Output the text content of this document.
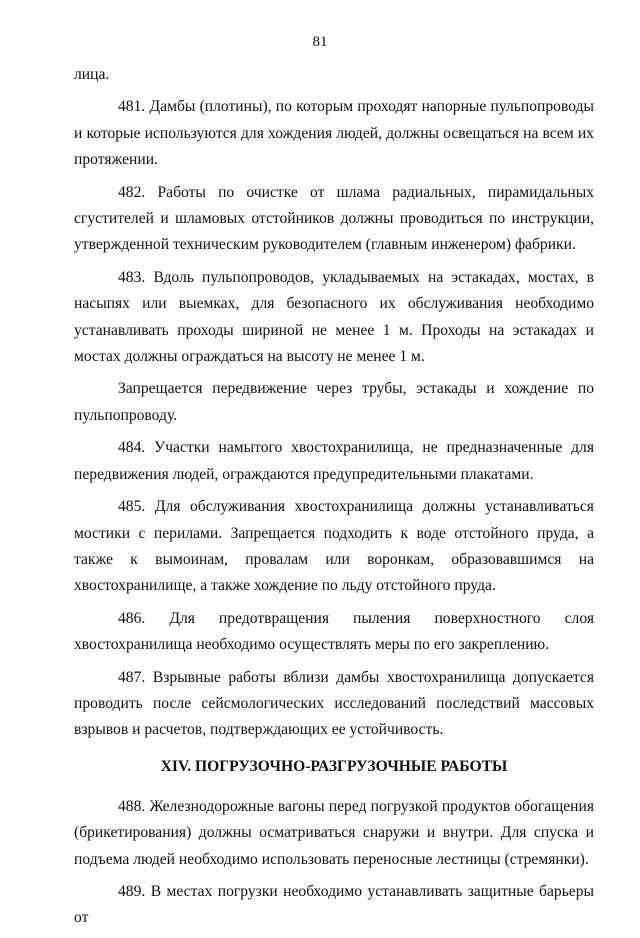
81

лица.

481. Дамбы (плотины), по которым проходят напорные пульпопроводы и которые используются для хождения людей, должны освещаться на всем их протяжении.

482. Работы по очистке от шлама радиальных, пирамидальных сгустителей и шламовых отстойников должны проводиться по инструкции, утвержденной техническим руководителем (главным инженером) фабрики.

483. Вдоль пульпопроводов, укладываемых на эстакадах, мостах, в насыпях или выемках, для безопасного их обслуживания необходимо устанавливать проходы шириной не менее 1 м. Проходы на эстакадах и мостах должны ограждаться на высоту не менее 1 м.

Запрещается передвижение через трубы, эстакады и хождение по пульпопроводу.

484. Участки намытого хвостохранилища, не предназначенные для передвижения людей, ограждаются предупредительными плакатами.

485. Для обслуживания хвостохранилища должны устанавливаться мостики с перилами. Запрещается подходить к воде отстойного пруда, а также к вымоинам, провалам или воронкам, образовавшимся на хвостохранилище, а также хождение по льду отстойного пруда.

486. Для предотвращения пыления поверхностного слоя хвостохранилища необходимо осуществлять меры по его закреплению.

487. Взрывные работы вблизи дамбы хвостохранилища допускается проводить после сейсмологических исследований последствий массовых взрывов и расчетов, подтверждающих ее устойчивость.

XIV. ПОГРУЗОЧНО-РАЗГРУЗОЧНЫЕ РАБОТЫ

488. Железнодорожные вагоны перед погрузкой продуктов обогащения (брикетирования) должны осматриваться снаружи и внутри. Для спуска и подъема людей необходимо использовать переносные лестницы (стремянки).

489. В местах погрузки необходимо устанавливать защитные барьеры от
